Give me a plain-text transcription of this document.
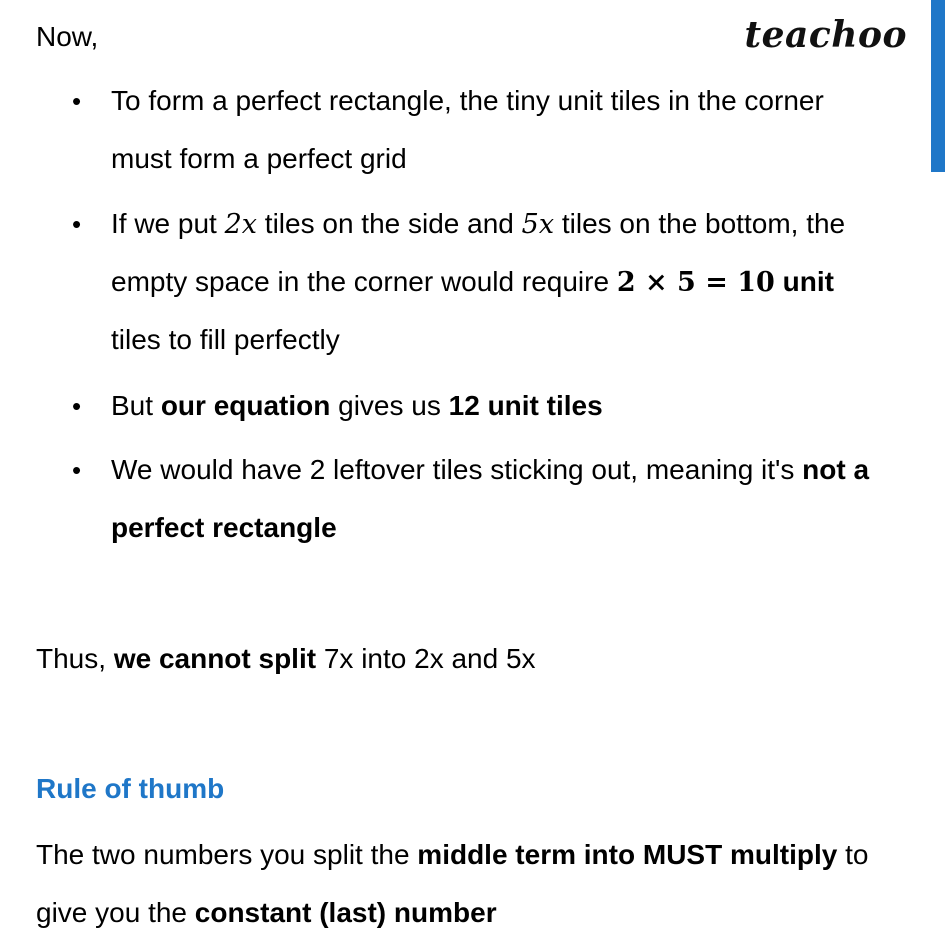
teachoo
Now,
• To form a perfect rectangle, the tiny unit tiles in the corner
must form a perfect grid
• If we put 2𝑥 tiles on the side and 5𝑥 tiles on the bottom, the
empty space in the corner would require 𝟐 × 𝟓 = 𝟏𝟎 unit
tiles to fill perfectly
• But our equation gives us 12 unit tiles
• We would have 2 leftover tiles sticking out, meaning it's not a
perfect rectangle
Thus, we cannot split 7x into 2x and 5x
Rule of thumb
The two numbers you split the middle term into MUST multiply to
give you the constant (last) number
